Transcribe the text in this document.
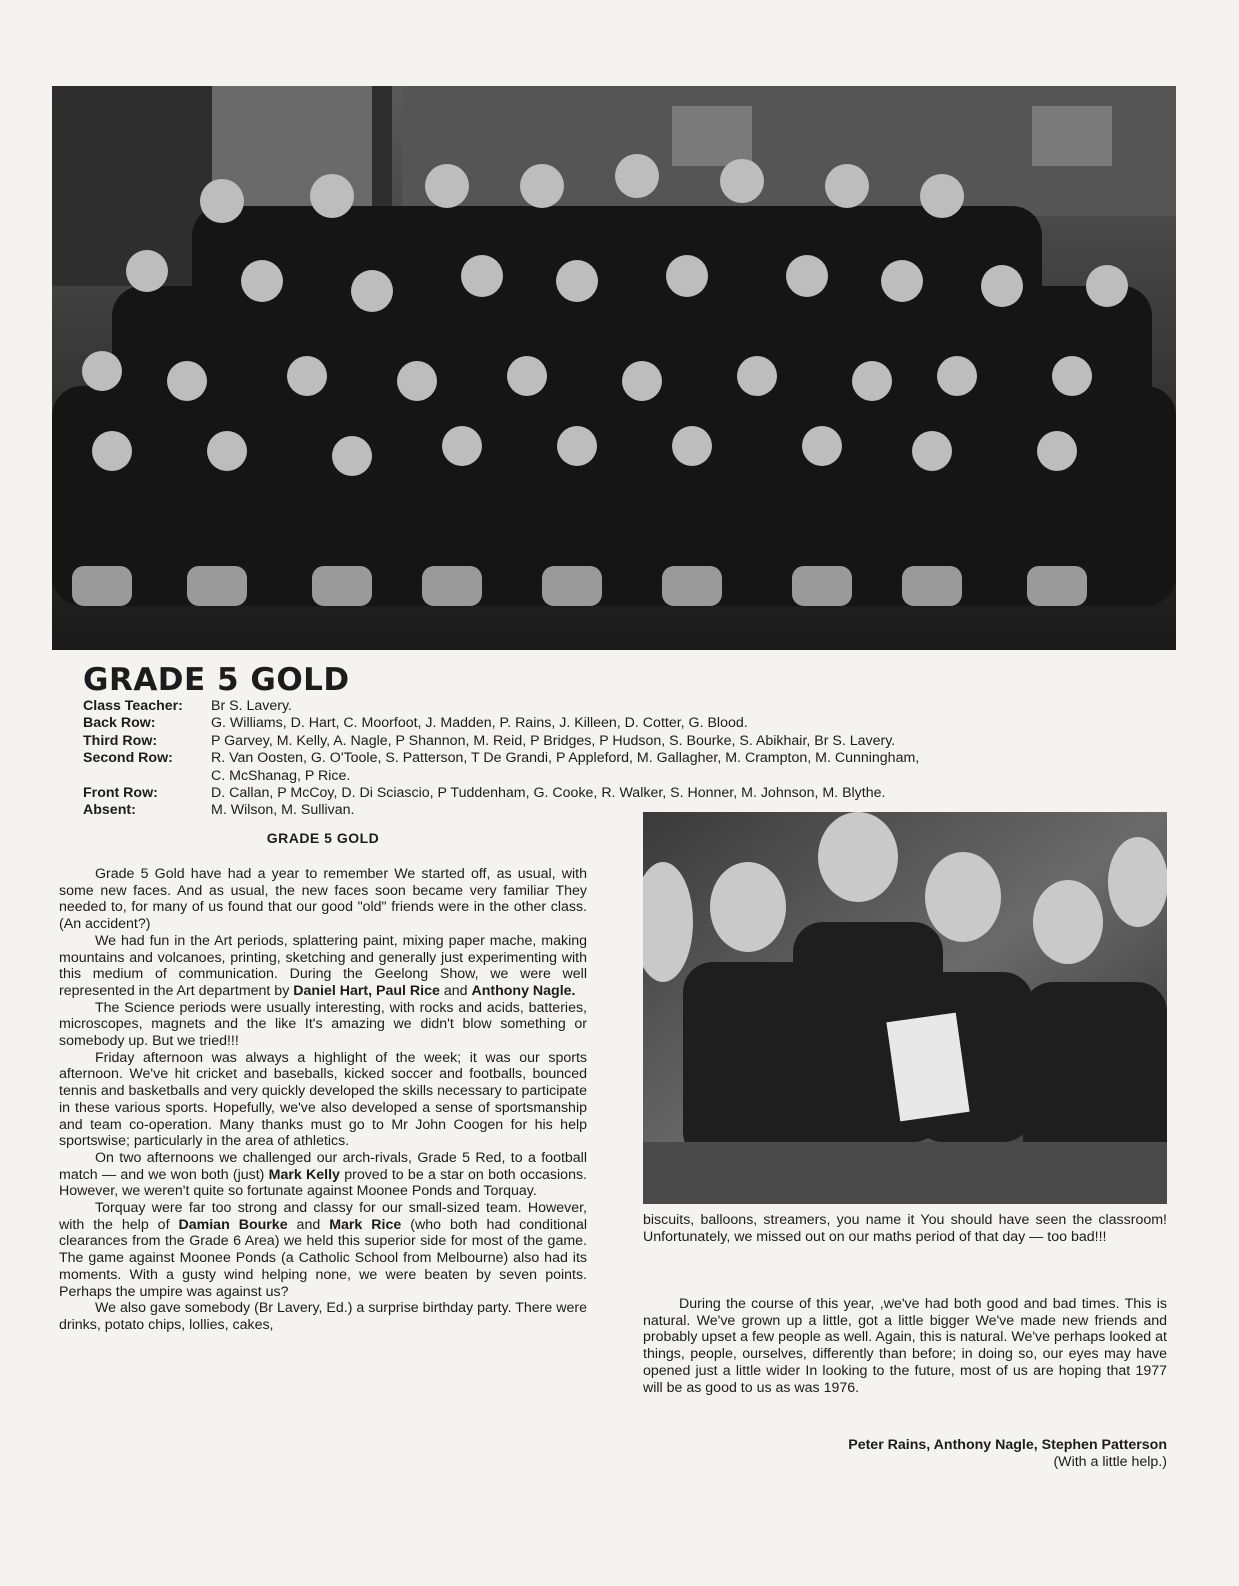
GRADE 5 GOLD
Class Teacher:	Br S. Lavery.
Back Row:	G. Williams, D. Hart, C. Moorfoot, J. Madden, P. Rains, J. Killeen, D. Cotter, G. Blood.
Third Row:	P Garvey, M. Kelly, A. Nagle, P Shannon, M. Reid, P Bridges, P Hudson, S. Bourke, S. Abikhair, Br S. Lavery.
Second Row:	R. Van Oosten, G. O'Toole, S. Patterson, T De Grandi, P Appleford, M. Gallagher, M. Crampton, M. Cunningham,
C. McShanag, P Rice.
Front Row:	D. Callan, P McCoy, D. Di Sciascio, P Tuddenham, G. Cooke, R. Walker, S. Honner, M. Johnson, M. Blythe.
Absent:	M. Wilson, M. Sullivan.
GRADE 5 GOLD

Grade 5 Gold have had a year to remember We started off, as usual, with some new faces. And as usual, the new faces soon became very familiar They needed to, for many of us found that our good "old" friends were in the other class. (An accident?)

We had fun in the Art periods, splattering paint, mixing paper mache, making mountains and volcanoes, printing, sketching and generally just experimenting with this medium of communication. During the Geelong Show, we were well represented in the Art department by Daniel Hart, Paul Rice and Anthony Nagle.

The Science periods were usually interesting, with rocks and acids, batteries, microscopes, magnets and the like It's amazing we didn't blow something or somebody up. But we tried!!!

Friday afternoon was always a highlight of the week; it was our sports afternoon. We've hit cricket and baseballs, kicked soccer and footballs, bounced tennis and basketballs and very quickly developed the skills necessary to participate in these various sports. Hopefully, we've also developed a sense of sportsmanship and team co-operation. Many thanks must go to Mr John Coogen for his help sportswise; particularly in the area of athletics.

On two afternoons we challenged our arch-rivals, Grade 5 Red, to a football match — and we won both (just) Mark Kelly proved to be a star on both occasions. However, we weren't quite so fortunate against Moonee Ponds and Torquay.

Torquay were far too strong and classy for our small-sized team. However, with the help of Damian Bourke and Mark Rice (who both had conditional clearances from the Grade 6 Area) we held this superior side for most of the game. The game against Moonee Ponds (a Catholic School from Melbourne) also had its moments. With a gusty wind helping none, we were beaten by seven points. Perhaps the umpire was against us?

We also gave somebody (Br Lavery, Ed.) a surprise birthday party. There were drinks, potato chips, lollies, cakes,

biscuits, balloons, streamers, you name it You should have seen the classroom! Unfortunately, we missed out on our maths period of that day — too bad!!!

During the course of this year, ,we've had both good and bad times. This is natural. We've grown up a little, got a little bigger We've made new friends and probably upset a few people as well. Again, this is natural. We've perhaps looked at things, people, ourselves, differently than before; in doing so, our eyes may have opened just a little wider In looking to the future, most of us are hoping that 1977 will be as good to us as was 1976.

Peter Rains, Anthony Nagle, Stephen Patterson
(With a little help.)
